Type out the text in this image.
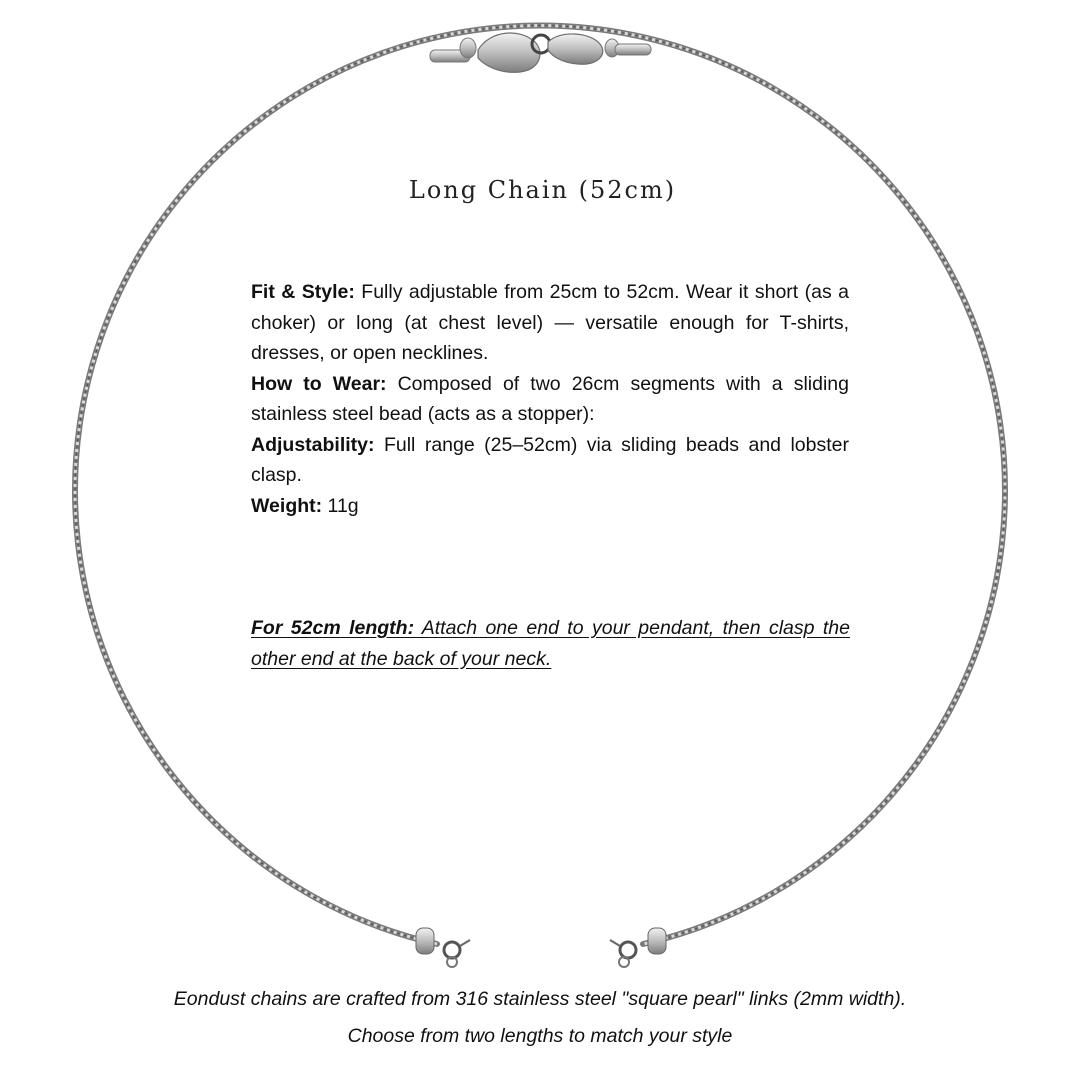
Long Chain (52cm)

Fit & Style: Fully adjustable from 25cm to 52cm. Wear it short (as a choker) or long (at chest level) — versatile enough for T-shirts, dresses, or open necklines.

How to Wear: Composed of two 26cm segments with a sliding stainless steel bead (acts as a stopper):

Adjustability: Full range (25–52cm) via sliding beads and lobster clasp.

Weight: 11g

For 52cm length: Attach one end to your pendant, then clasp the other end at the back of your neck.
Eondust chains are crafted from 316 stainless steel "square pearl" links (2mm width).
Choose from two lengths to match your style
